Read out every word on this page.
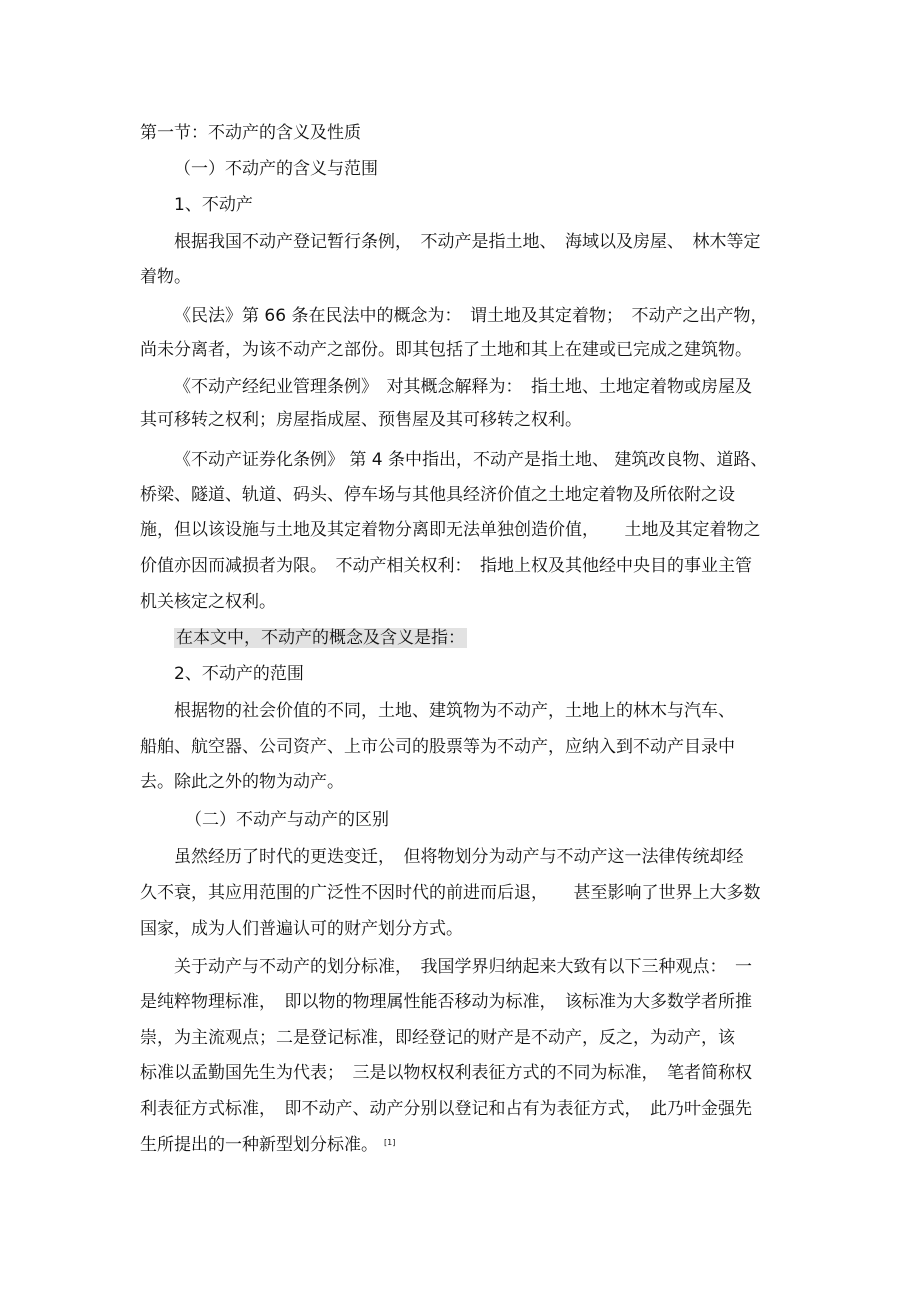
第一节：不动产的含义及性质
（一）不动产的含义与范围
1、不动产
根据我国不动产登记暂行条例，　不动产是指土地、　海域以及房屋、　林木等定
着物。
《民法》第 66 条在民法中的概念为：　谓土地及其定着物；　不动产之出产物，
尚未分离者，为该不动产之部份。即其包括了土地和其上在建或已完成之建筑物。
《不动产经纪业管理条例》　对其概念解释为：　指土地、土地定着物或房屋及
其可移转之权利；房屋指成屋、预售屋及其可移转之权利。
《不动产证券化条例》 第 4 条中指出，不动产是指土地、 建筑改良物、道路、
桥梁、隧道、轨道、码头、停车场与其他具经济价值之土地定着物及所依附之设
施，但以该设施与土地及其定着物分离即无法单独创造价值，　　土地及其定着物之
价值亦因而减损者为限。　不动产相关权利：　指地上权及其他经中央目的事业主管
机关核定之权利。
在本文中，不动产的概念及含义是指：
2、不动产的范围
根据物的社会价值的不同，土地、建筑物为不动产，土地上的林木与汽车、
船舶、航空器、公司资产、上市公司的股票等为不动产，应纳入到不动产目录中
去。除此之外的物为动产。
（二）不动产与动产的区别
虽然经历了时代的更迭变迁，　但将物划分为动产与不动产这一法律传统却经
久不衰，其应用范围的广泛性不因时代的前进而后退，　　甚至影响了世界上大多数
国家，成为人们普遍认可的财产划分方式。
关于动产与不动产的划分标准，　我国学界归纳起来大致有以下三种观点：　一
是纯粹物理标准，　即以物的物理属性能否移动为标准，　该标准为大多数学者所推
崇，为主流观点；二是登记标准，即经登记的财产是不动产，反之，为动产，该
标准以孟勤国先生为代表；　三是以物权权利表征方式的不同为标准，　笔者简称权
利表征方式标准，　即不动产、动产分别以登记和占有为表征方式，　此乃叶金强先
生所提出的一种新型划分标准。 [1]
